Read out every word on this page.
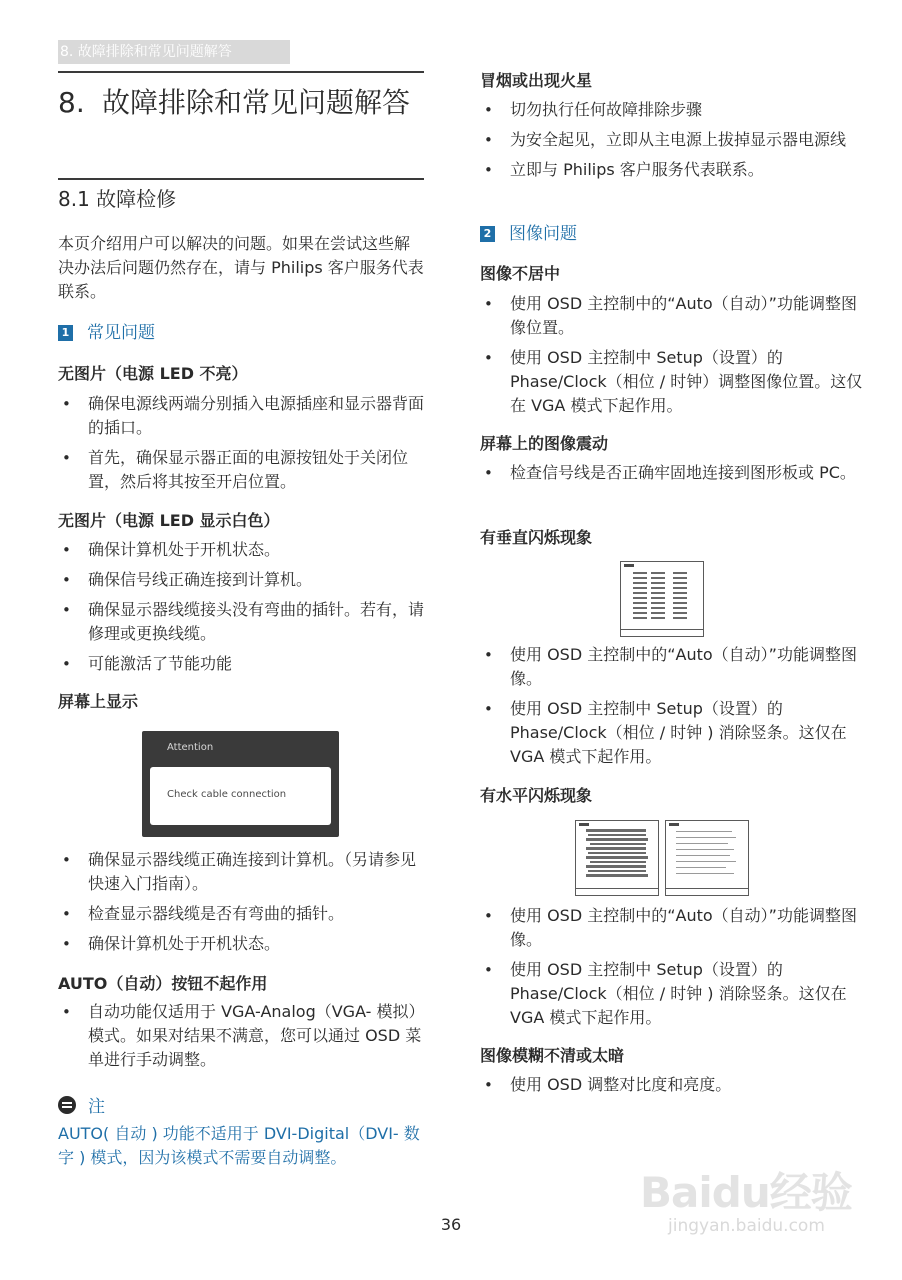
8. 故障排除和常见问题解答
8. 故障排除和常见问题解答
8.1 故障检修
本页介绍用户可以解决的问题。如果在尝试这些解决办法后问题仍然存在，请与 Philips 客户服务代表联系。
1 常见问题
无图片（电源 LED 不亮）
• 确保电源线两端分别插入电源插座和显示器背面的插口。
• 首先，确保显示器正面的电源按钮处于关闭位置，然后将其按至开启位置。
无图片（电源 LED 显示白色）
• 确保计算机处于开机状态。
• 确保信号线正确连接到计算机。
• 确保显示器线缆接头没有弯曲的插针。若有，请修理或更换线缆。
• 可能激活了节能功能
屏幕上显示
Attention
Check cable connection
• 确保显示器线缆正确连接到计算机。（另请参见快速入门指南）。
• 检查显示器线缆是否有弯曲的插针。
• 确保计算机处于开机状态。
AUTO（自动）按钮不起作用
• 自动功能仅适用于 VGA-Analog（VGA- 模拟）模式。如果对结果不满意，您可以通过 OSD 菜单进行手动调整。
注
AUTO( 自动 ) 功能不适用于 DVI-Digital（DVI- 数字 ) 模式，因为该模式不需要自动调整。
冒烟或出现火星
• 切勿执行任何故障排除步骤
• 为安全起见，立即从主电源上拔掉显示器电源线
• 立即与 Philips 客户服务代表联系。
2 图像问题
图像不居中
• 使用 OSD 主控制中的“Auto（自动）”功能调整图像位置。
• 使用 OSD 主控制中 Setup（设置）的 Phase/Clock（相位 / 时钟）调整图像位置。这仅在 VGA 模式下起作用。
屏幕上的图像震动
• 检查信号线是否正确牢固地连接到图形板或 PC。
有垂直闪烁现象
• 使用 OSD 主控制中的“Auto（自动）”功能调整图像。
• 使用 OSD 主控制中 Setup（设置）的 Phase/Clock（相位 / 时钟 ) 消除竖条。这仅在 VGA 模式下起作用。
有水平闪烁现象
• 使用 OSD 主控制中的“Auto（自动）”功能调整图像。
• 使用 OSD 主控制中 Setup（设置）的 Phase/Clock（相位 / 时钟 ) 消除竖条。这仅在 VGA 模式下起作用。
图像模糊不清或太暗
• 使用 OSD 调整对比度和亮度。
Baidu经验
jingyan.baidu.com
36
